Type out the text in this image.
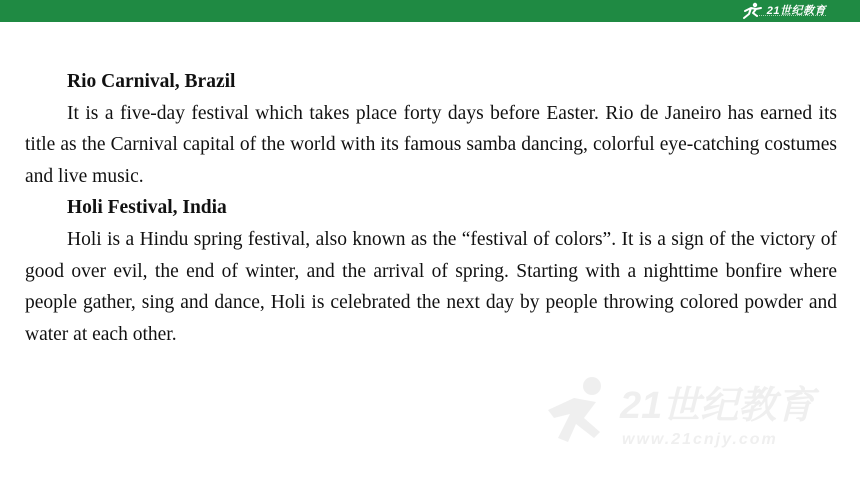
21世纪教育

Rio Carnival, Brazil

It is a five-day festival which takes place forty days before Easter. Rio de Janeiro has earned its title as the Carnival capital of the world with its famous samba dancing, colorful eye-catching costumes and live music.

Holi Festival, India

Holi is a Hindu spring festival, also known as the “festival of colors”. It is a sign of the victory of good over evil, the end of winter, and the arrival of spring. Starting with a nighttime bonfire where people gather, sing and dance, Holi is celebrated the next day by people throwing colored powder and water at each other.

21世纪教育
www.21cnjy.com
